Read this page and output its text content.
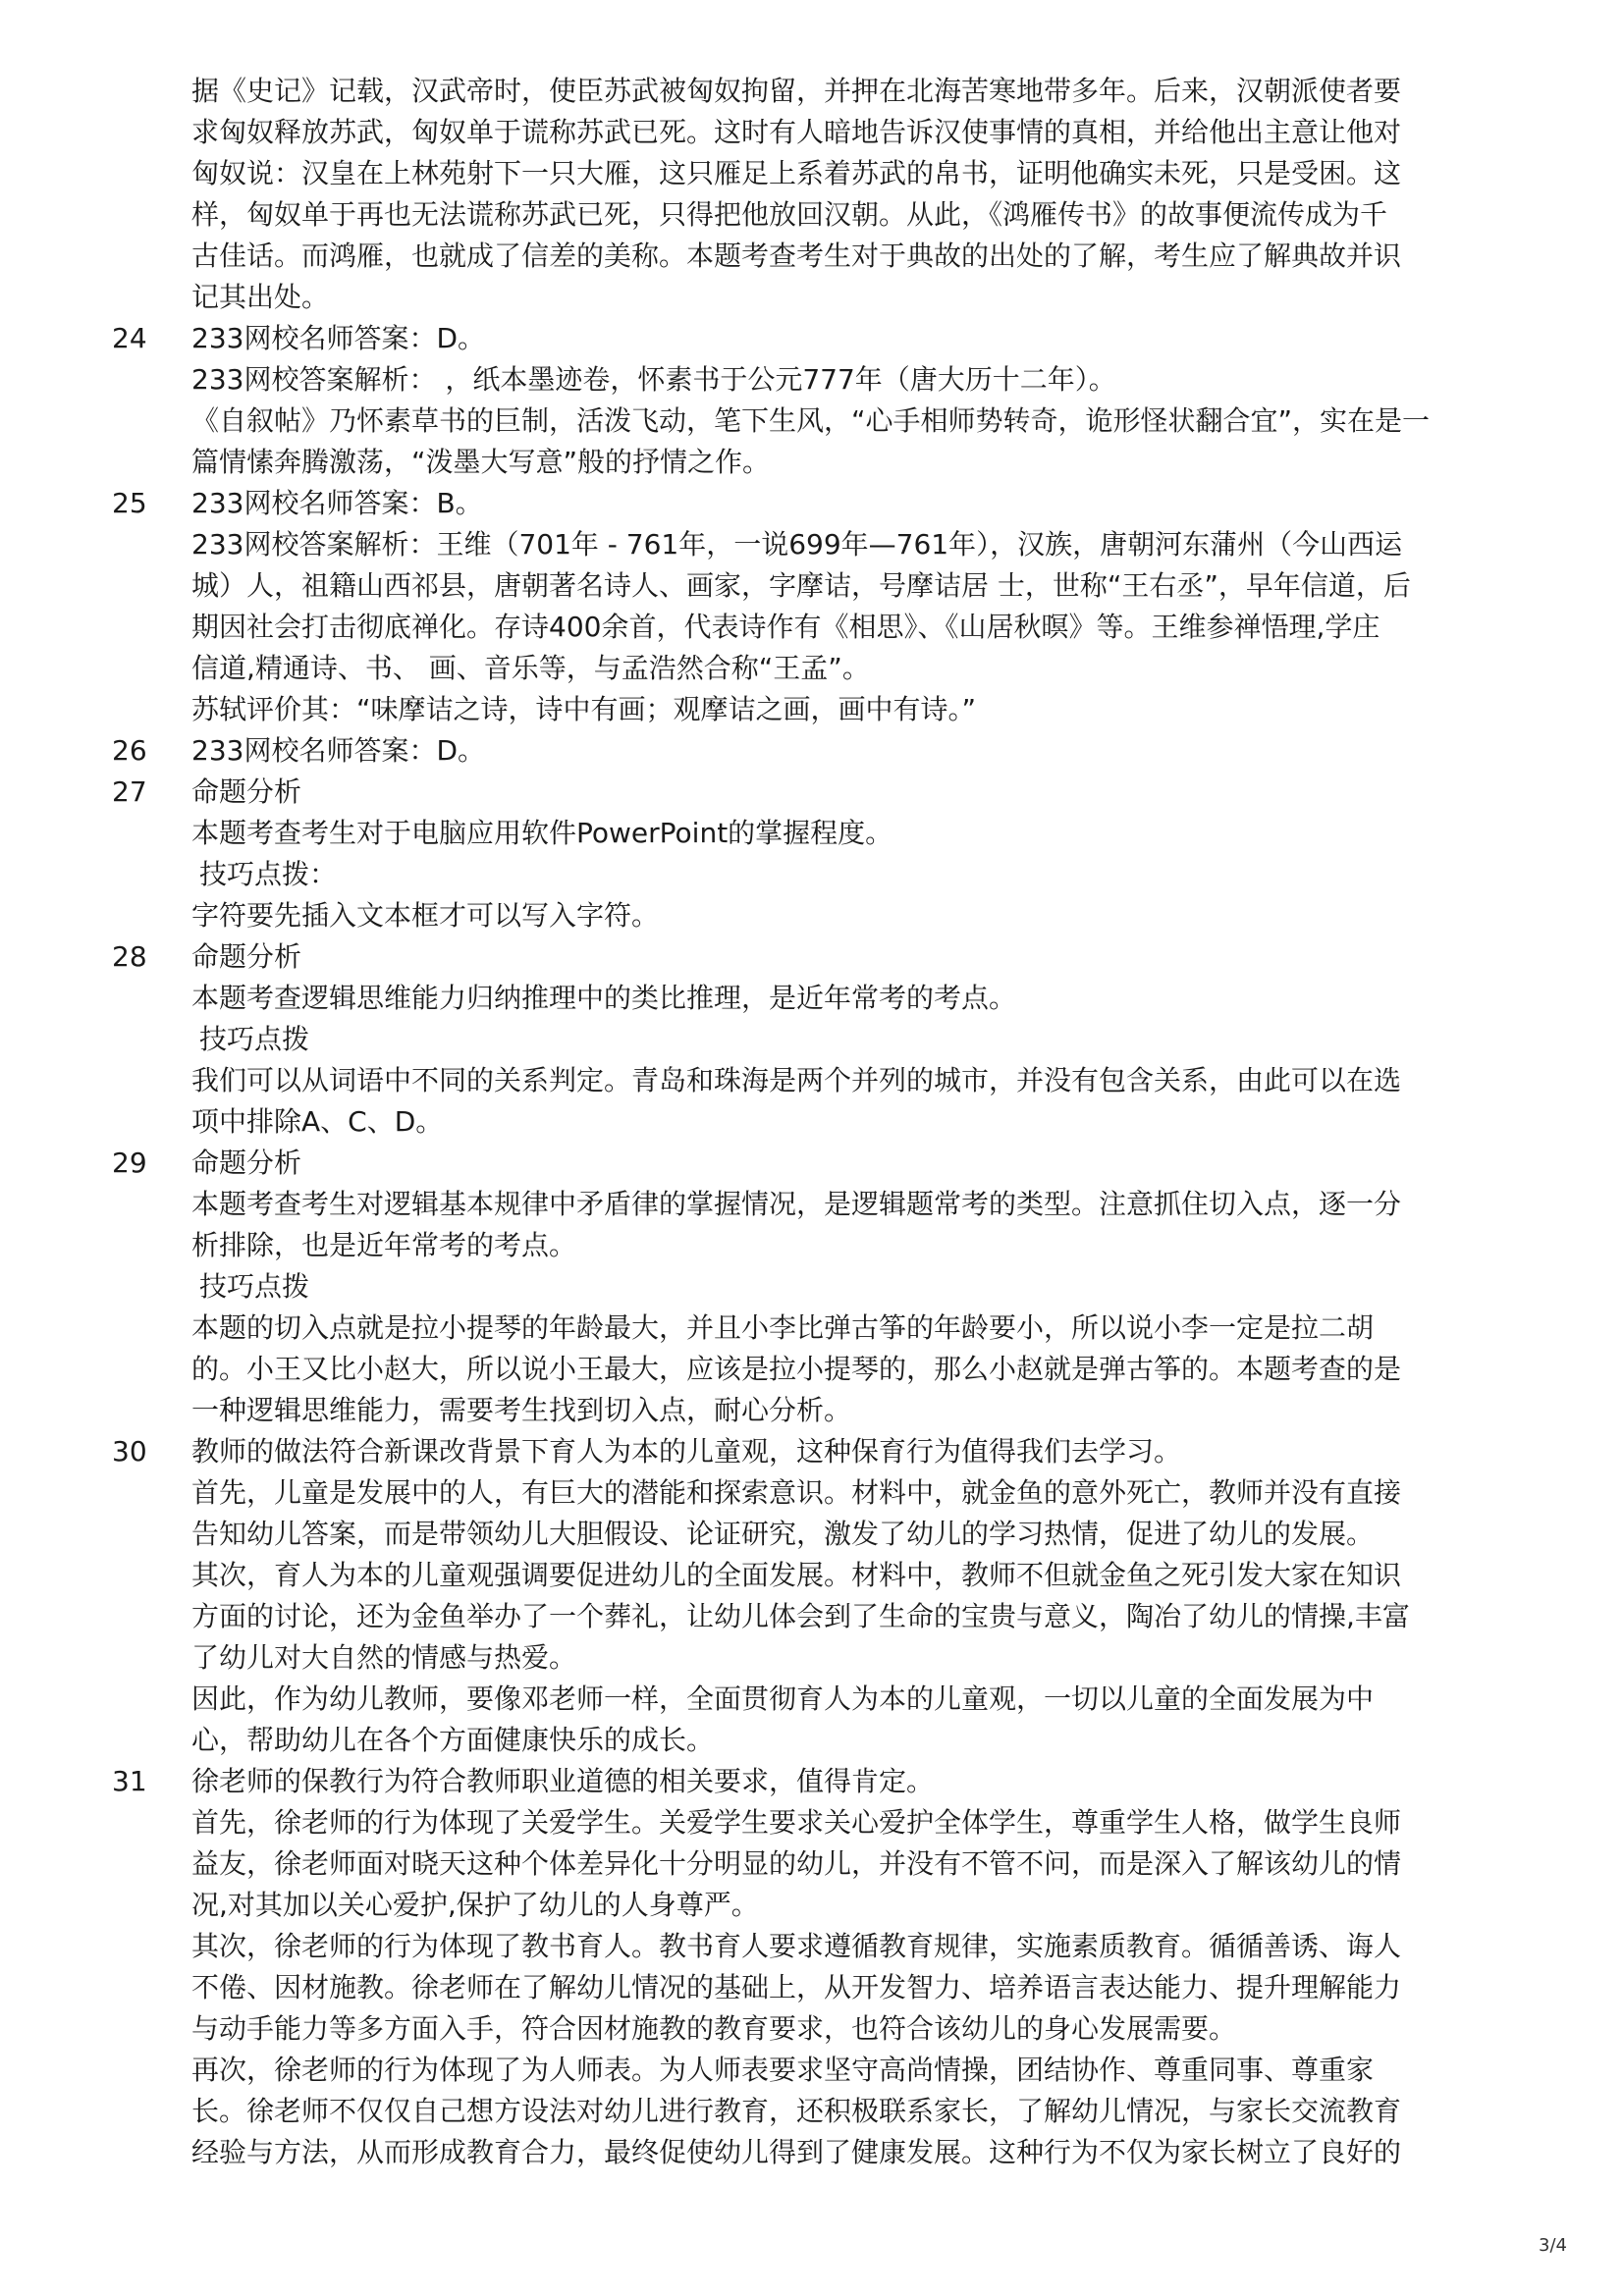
据《史记》记载，汉武帝时，使臣苏武被匈奴拘留，并押在北海苦寒地带多年。后来，汉朝派使者要
求匈奴释放苏武，匈奴单于谎称苏武已死。这时有人暗地告诉汉使事情的真相，并给他出主意让他对
匈奴说：汉皇在上林苑射下一只大雁，这只雁足上系着苏武的帛书，证明他确实未死，只是受困。这
样，匈奴单于再也无法谎称苏武已死，只得把他放回汉朝。从此，《鸿雁传书》的故事便流传成为千
古佳话。而鸿雁，也就成了信差的美称。本题考查考生对于典故的出处的了解，考生应了解典故并识
记其出处。
24	233网校名师答案：D。
233网校答案解析： ，纸本墨迹卷，怀素书于公元777年（唐大历十二年）。
《自叙帖》乃怀素草书的巨制，活泼飞动，笔下生风，“心手相师势转奇，诡形怪状翻合宜”，实在是一
篇情愫奔腾激荡，“泼墨大写意”般的抒情之作。
25	233网校名师答案：B。
233网校答案解析：王维（701年 - 761年，一说699年—761年），汉族，唐朝河东蒲州（今山西运
城）人，祖籍山西祁县，唐朝著名诗人、画家，字摩诘，号摩诘居 士，世称“王右丞”，早年信道，后
期因社会打击彻底禅化。存诗400余首，代表诗作有《相思》、《山居秋暝》等。王维参禅悟理,学庄
信道,精通诗、书、 画、音乐等，与孟浩然合称“王孟”。
苏轼评价其：“味摩诘之诗，诗中有画；观摩诘之画，画中有诗。”
26	233网校名师答案：D。
27	命题分析
本题考查考生对于电脑应用软件PowerPoint的掌握程度。
技巧点拨：
字符要先插入文本框才可以写入字符。
28	命题分析
本题考查逻辑思维能力归纳推理中的类比推理，是近年常考的考点。
技巧点拨
我们可以从词语中不同的关系判定。青岛和珠海是两个并列的城市，并没有包含关系，由此可以在选
项中排除A、C、D。
29	命题分析
本题考查考生对逻辑基本规律中矛盾律的掌握情况，是逻辑题常考的类型。注意抓住切入点，逐一分
析排除，也是近年常考的考点。
技巧点拨
本题的切入点就是拉小提琴的年龄最大，并且小李比弹古筝的年龄要小，所以说小李一定是拉二胡
的。小王又比小赵大，所以说小王最大，应该是拉小提琴的，那么小赵就是弹古筝的。本题考查的是
一种逻辑思维能力，需要考生找到切入点，耐心分析。
30	教师的做法符合新课改背景下育人为本的儿童观，这种保育行为值得我们去学习。
首先，儿童是发展中的人，有巨大的潜能和探索意识。材料中，就金鱼的意外死亡，教师并没有直接
告知幼儿答案，而是带领幼儿大胆假设、论证研究，激发了幼儿的学习热情，促进了幼儿的发展。
其次，育人为本的儿童观强调要促进幼儿的全面发展。材料中，教师不但就金鱼之死引发大家在知识
方面的讨论，还为金鱼举办了一个葬礼，让幼儿体会到了生命的宝贵与意义，陶冶了幼儿的情操,丰富
了幼儿对大自然的情感与热爱。
因此，作为幼儿教师，要像邓老师一样，全面贯彻育人为本的儿童观，一切以儿童的全面发展为中
心，帮助幼儿在各个方面健康快乐的成长。
31	徐老师的保教行为符合教师职业道德的相关要求，值得肯定。
首先，徐老师的行为体现了关爱学生。关爱学生要求关心爱护全体学生，尊重学生人格，做学生良师
益友，徐老师面对晓天这种个体差异化十分明显的幼儿，并没有不管不问，而是深入了解该幼儿的情
况,对其加以关心爱护,保护了幼儿的人身尊严。
其次，徐老师的行为体现了教书育人。教书育人要求遵循教育规律，实施素质教育。循循善诱、诲人
不倦、因材施教。徐老师在了解幼儿情况的基础上，从开发智力、培养语言表达能力、提升理解能力
与动手能力等多方面入手，符合因材施教的教育要求，也符合该幼儿的身心发展需要。
再次，徐老师的行为体现了为人师表。为人师表要求坚守高尚情操，团结协作、尊重同事、尊重家
长。徐老师不仅仅自己想方设法对幼儿进行教育，还积极联系家长，了解幼儿情况，与家长交流教育
经验与方法，从而形成教育合力，最终促使幼儿得到了健康发展。这种行为不仅为家长树立了良好的
3/4
